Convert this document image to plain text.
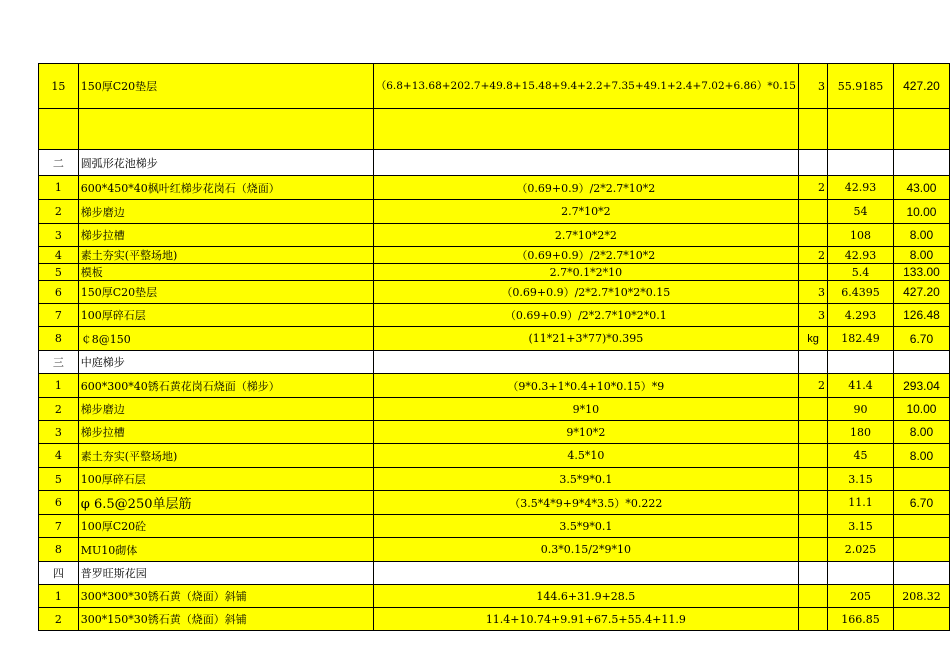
15	150厚C20垫层	（6.8+13.68+202.7+49.8+15.48+9.4+2.2+7.35+49.1+2.4+7.02+6.86）*0.15	3	55.9185	427.20

二	圆弧形花池梯步				
1	600*450*40枫叶红梯步花岗石（烧面）	（0.69+0.9）/2*2.7*10*2	2	42.93	43.00
2	梯步磨边	2.7*10*2		54	10.00
3	梯步拉槽	2.7*10*2*2		108	8.00
4	素土夯实(平整场地)	（0.69+0.9）/2*2.7*10*2	2	42.93	8.00
5	模板	2.7*0.1*2*10		5.4	133.00
6	150厚C20垫层	（0.69+0.9）/2*2.7*10*2*0.15	3	6.4395	427.20
7	100厚碎石层	（0.69+0.9）/2*2.7*10*2*0.1	3	4.293	126.48
8	￠8@150	(11*21+3*77)*0.395	kg	182.49	6.70
三	中庭梯步				
1	600*300*40锈石黄花岗石烧面（梯步）	（9*0.3+1*0.4+10*0.15）*9	2	41.4	293.04
2	梯步磨边	9*10		90	10.00
3	梯步拉槽	9*10*2		180	8.00
4	素土夯实(平整场地)	4.5*10		45	8.00
5	100厚碎石层	3.5*9*0.1		3.15	
6	φ 6.5@250单层筋	（3.5*4*9+9*4*3.5）*0.222		11.1	6.70
7	100厚C20砼	3.5*9*0.1		3.15	
8	MU10砌体	0.3*0.15/2*9*10		2.025	
四	普罗旺斯花园				
1	300*300*30锈石黄（烧面）斜铺	144.6+31.9+28.5		205	208.32
2	300*150*30锈石黄（烧面）斜铺	11.4+10.74+9.91+67.5+55.4+11.9		166.85	
